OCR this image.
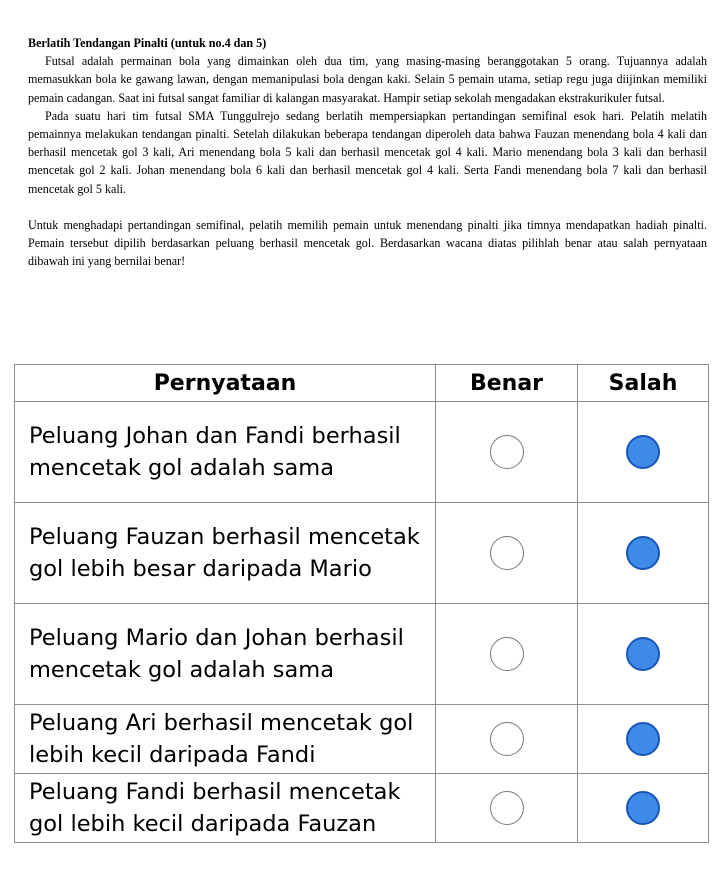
Berlatih Tendangan Pinalti (untuk no.4 dan 5)

Futsal adalah permainan bola yang dimainkan oleh dua tim, yang masing-masing beranggotakan 5 orang. Tujuannya adalah memasukkan bola ke gawang lawan, dengan memanipulasi bola dengan kaki. Selain 5 pemain utama, setiap regu juga diijinkan memiliki pemain cadangan. Saat ini futsal sangat familiar di kalangan masyarakat. Hampir setiap sekolah mengadakan ekstrakurikuler futsal.

Pada suatu hari tim futsal SMA Tunggulrejo sedang berlatih mempersiapkan pertandingan semifinal esok hari. Pelatih melatih pemainnya melakukan tendangan pinalti. Setelah dilakukan beberapa tendangan diperoleh data bahwa Fauzan menendang bola 4 kali dan berhasil mencetak gol 3 kali, Ari menendang bola 5 kali dan berhasil mencetak gol 4 kali. Mario menendang bola 3 kali dan berhasil mencetak gol 2 kali. Johan menendang bola 6 kali dan berhasil mencetak gol 4 kali. Serta Fandi menendang bola 7 kali dan berhasil mencetak gol 5 kali.

Untuk menghadapi pertandingan semifinal, pelatih memilih pemain untuk menendang pinalti jika timnya mendapatkan hadiah pinalti. Pemain tersebut dipilih berdasarkan peluang berhasil mencetak gol. Berdasarkan wacana diatas pilihlah benar atau salah pernyataan dibawah ini yang bernilai benar!

Pernyataan	Benar	Salah
Peluang Johan dan Fandi berhasil mencetak gol adalah sama		
Peluang Fauzan berhasil mencetak gol lebih besar daripada Mario		
Peluang Mario dan Johan berhasil mencetak gol adalah sama		
Peluang Ari berhasil mencetak gol lebih kecil daripada Fandi		
Peluang Fandi berhasil mencetak gol lebih kecil daripada Fauzan		
